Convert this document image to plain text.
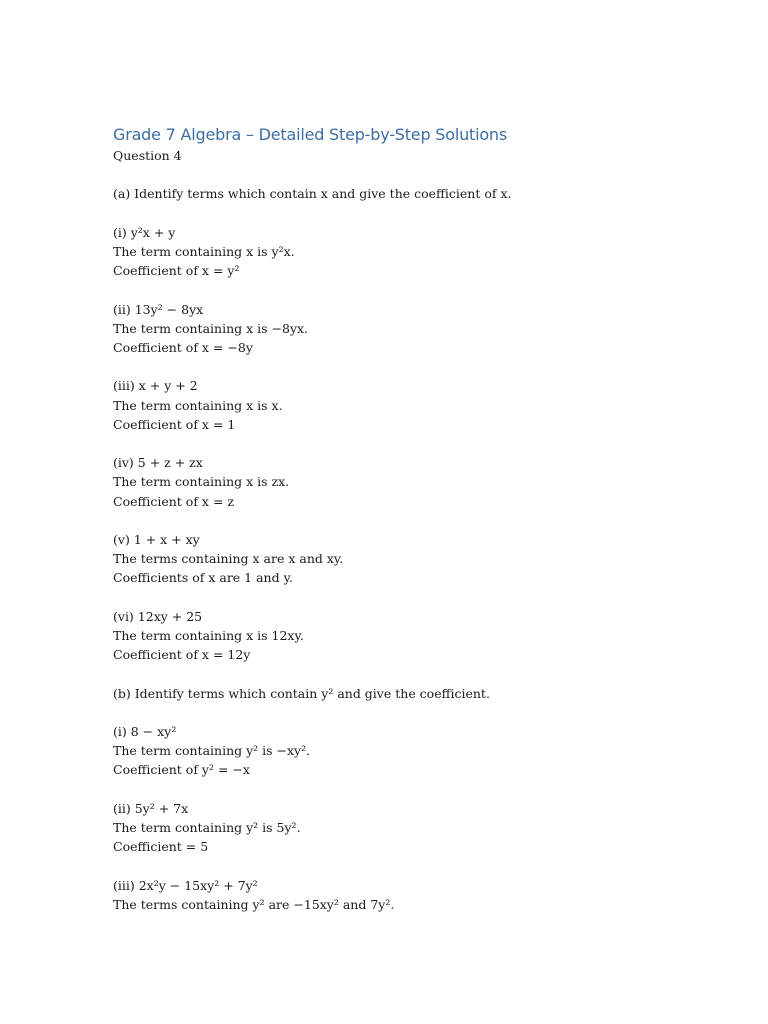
Grade 7 Algebra – Detailed Step-by-Step Solutions
Question 4
(a) Identify terms which contain x and give the coefficient of x.
(i) y²x + y
The term containing x is y²x.
Coefficient of x = y²
(ii) 13y² − 8yx
The term containing x is −8yx.
Coefficient of x = −8y
(iii) x + y + 2
The term containing x is x.
Coefficient of x = 1
(iv) 5 + z + zx
The term containing x is zx.
Coefficient of x = z
(v) 1 + x + xy
The terms containing x are x and xy.
Coefficients of x are 1 and y.
(vi) 12xy + 25
The term containing x is 12xy.
Coefficient of x = 12y
(b) Identify terms which contain y² and give the coefficient.
(i) 8 − xy²
The term containing y² is −xy².
Coefficient of y² = −x
(ii) 5y² + 7x
The term containing y² is 5y².
Coefficient = 5
(iii) 2x²y − 15xy² + 7y²
The terms containing y² are −15xy² and 7y².
